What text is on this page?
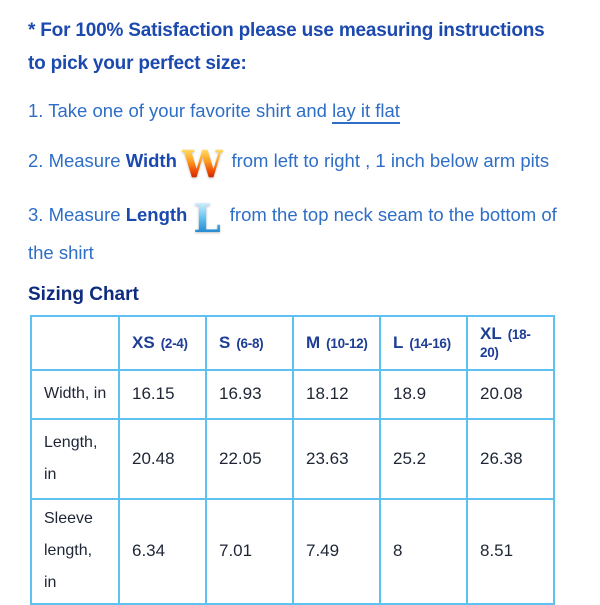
* For 100% Satisfaction please use measuring instructions
to pick your perfect size:

1. Take one of your favorite shirt and lay it flat

2. Measure Width W from left to right , 1 inch below arm pits

3. Measure Length L from the top neck seam to the bottom of the shirt

Sizing Chart

	XS (2-4)	S (6-8)	M (10-12)	L (14-16)	XL (18-20)

Width, in	16.15	16.93	18.12	18.9	20.08

Length,
in	20.48	22.05	23.63	25.2	26.38

Sleeve
length,
in	6.34	7.01	7.49	8	8.51
